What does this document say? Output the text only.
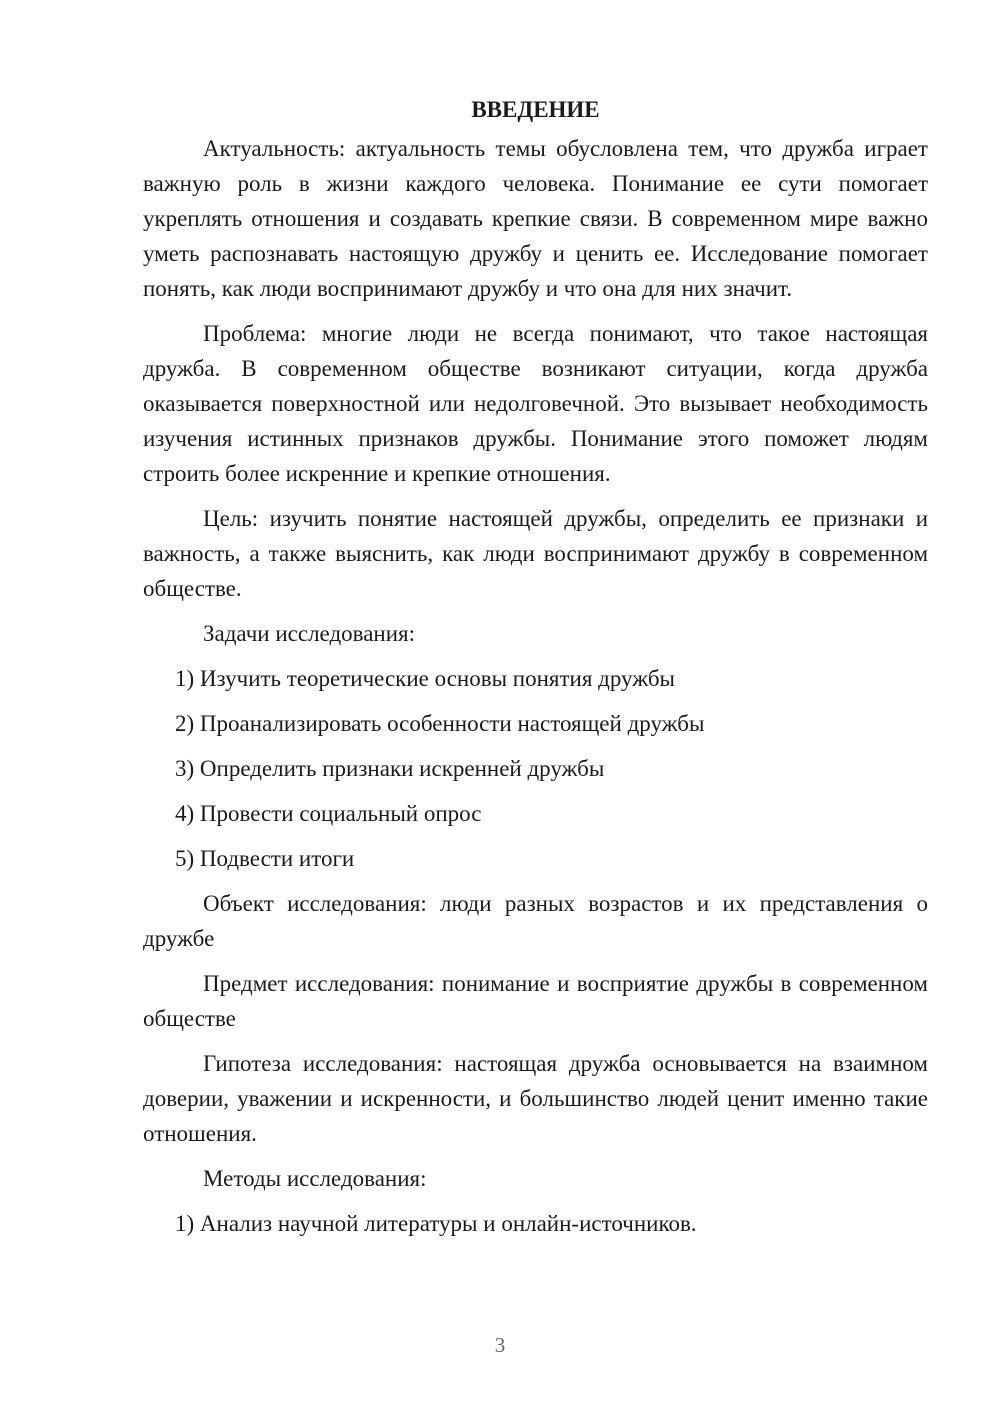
ВВЕДЕНИЕ

Актуальность: актуальность темы обусловлена тем, что дружба играет важную роль в жизни каждого человека. Понимание ее сути помогает укреплять отношения и создавать крепкие связи. В современном мире важно уметь распознавать настоящую дружбу и ценить ее. Исследование помогает понять, как люди воспринимают дружбу и что она для них значит.

Проблема: многие люди не всегда понимают, что такое настоящая дружба. В современном обществе возникают ситуации, когда дружба оказывается поверхностной или недолговечной. Это вызывает необходимость изучения истинных признаков дружбы. Понимание этого поможет людям строить более искренние и крепкие отношения.

Цель: изучить понятие настоящей дружбы, определить ее признаки и важность, а также выяснить, как люди воспринимают дружбу в современном обществе.

Задачи исследования:
1) Изучить теоретические основы понятия дружбы
2) Проанализировать особенности настоящей дружбы
3) Определить признаки искренней дружбы
4) Провести социальный опрос
5) Подвести итоги

Объект исследования: люди разных возрастов и их представления о дружбе

Предмет исследования: понимание и восприятие дружбы в современном обществе

Гипотеза исследования: настоящая дружба основывается на взаимном доверии, уважении и искренности, и большинство людей ценит именно такие отношения.

Методы исследования:
1) Анализ научной литературы и онлайн-источников.
3
